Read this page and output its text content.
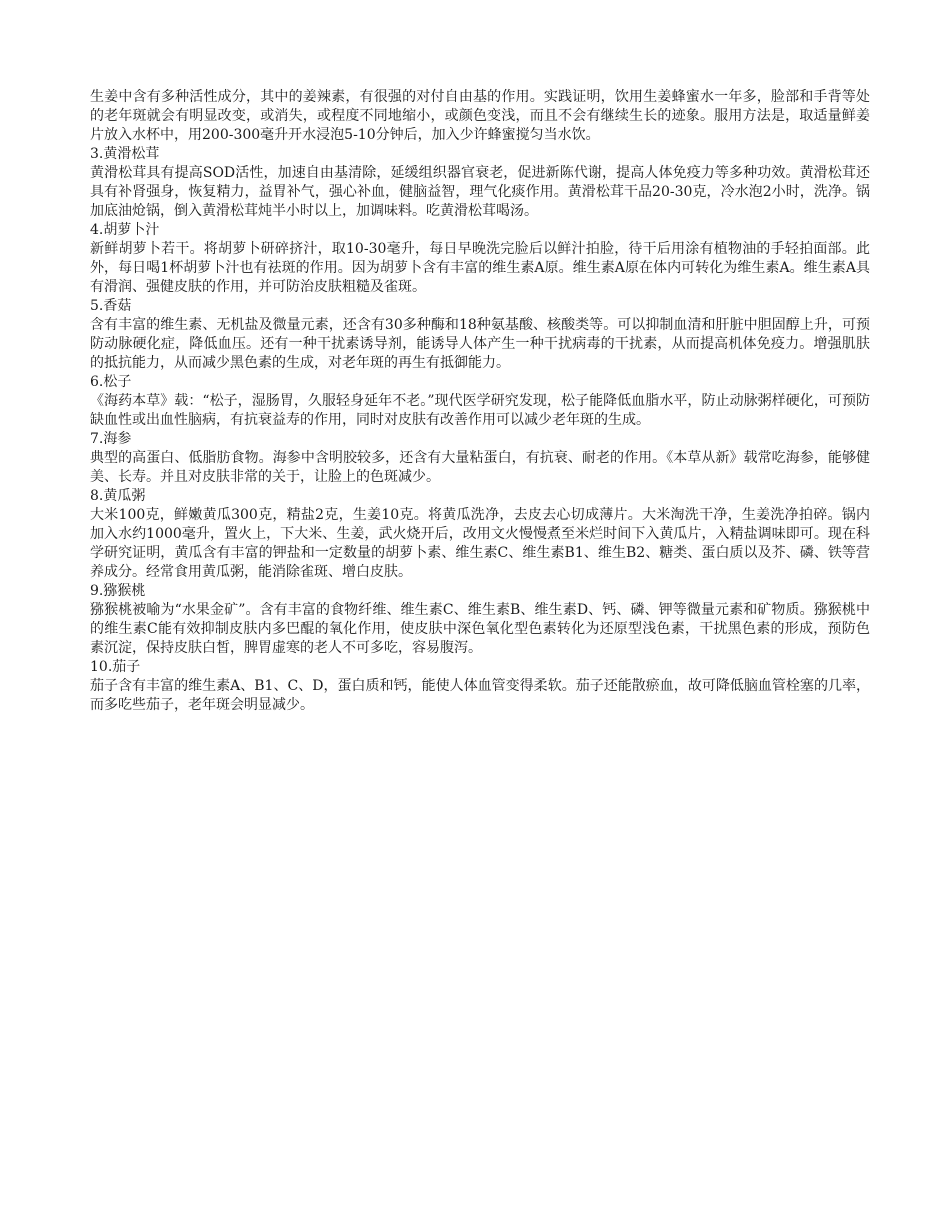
生姜中含有多种活性成分，其中的姜辣素，有很强的对付自由基的作用。实践证明，饮用生姜蜂蜜水一年多，脸部和手背等处的老年斑就会有明显改变，或消失，或程度不同地缩小，或颜色变浅，而且不会有继续生长的迹象。服用方法是，取适量鲜姜片放入水杯中，用200-300毫升开水浸泡5-10分钟后，加入少许蜂蜜搅匀当水饮。

3.黄滑松茸

黄滑松茸具有提高SOD活性，加速自由基清除，延缓组织器官衰老，促进新陈代谢，提高人体免疫力等多种功效。黄滑松茸还具有补肾强身，恢复精力，益胃补气，强心补血，健脑益智，理气化痰作用。黄滑松茸干品20-30克，冷水泡2小时，洗净。锅加底油炝锅，倒入黄滑松茸炖半小时以上，加调味料。吃黄滑松茸喝汤。

4.胡萝卜汁

新鲜胡萝卜若干。将胡萝卜研碎挤汁，取10-30毫升，每日早晚洗完脸后以鲜汁拍脸，待干后用涂有植物油的手轻拍面部。此外，每日喝1杯胡萝卜汁也有祛斑的作用。因为胡萝卜含有丰富的维生素A原。维生素A原在体内可转化为维生素A。维生素A具有滑润、强健皮肤的作用，并可防治皮肤粗糙及雀斑。

5.香菇

含有丰富的维生素、无机盐及微量元素，还含有30多种酶和18种氨基酸、核酸类等。可以抑制血清和肝脏中胆固醇上升，可预防动脉硬化症，降低血压。还有一种干扰素诱导剂，能诱导人体产生一种干扰病毒的干扰素，从而提高机体免疫力。增强肌肤的抵抗能力，从而减少黑色素的生成，对老年斑的再生有抵御能力。

6.松子

《海药本草》载：“松子，湿肠胃，久服轻身延年不老。”现代医学研究发现，松子能降低血脂水平，防止动脉粥样硬化，可预防缺血性或出血性脑病，有抗衰益寿的作用，同时对皮肤有改善作用可以减少老年斑的生成。

7.海参

典型的高蛋白、低脂肪食物。海参中含明胶较多，还含有大量粘蛋白，有抗衰、耐老的作用。《本草从新》载常吃海参，能够健美、长寿。并且对皮肤非常的关于，让脸上的色斑减少。

8.黄瓜粥

大米100克，鲜嫩黄瓜300克，精盐2克，生姜10克。将黄瓜洗净，去皮去心切成薄片。大米淘洗干净，生姜洗净拍碎。锅内加入水约1000毫升，置火上，下大米、生姜，武火烧开后，改用文火慢慢煮至米烂时间下入黄瓜片，入精盐调味即可。现在科学研究证明，黄瓜含有丰富的钾盐和一定数量的胡萝卜素、维生素C、维生素B1、维生B2、糖类、蛋白质以及芥、磷、铁等营养成分。经常食用黄瓜粥，能消除雀斑、增白皮肤。

9.猕猴桃

猕猴桃被喻为“水果金矿”。含有丰富的食物纤维、维生素C、维生素B、维生素D、钙、磷、钾等微量元素和矿物质。猕猴桃中的维生素C能有效抑制皮肤内多巴醌的氧化作用，使皮肤中深色氧化型色素转化为还原型浅色素，干扰黑色素的形成，预防色素沉淀，保持皮肤白皙，脾胃虚寒的老人不可多吃，容易腹泻。

10.茄子

茄子含有丰富的维生素A、B1、C、D，蛋白质和钙，能使人体血管变得柔软。茄子还能散瘀血，故可降低脑血管栓塞的几率，而多吃些茄子，老年斑会明显减少。
